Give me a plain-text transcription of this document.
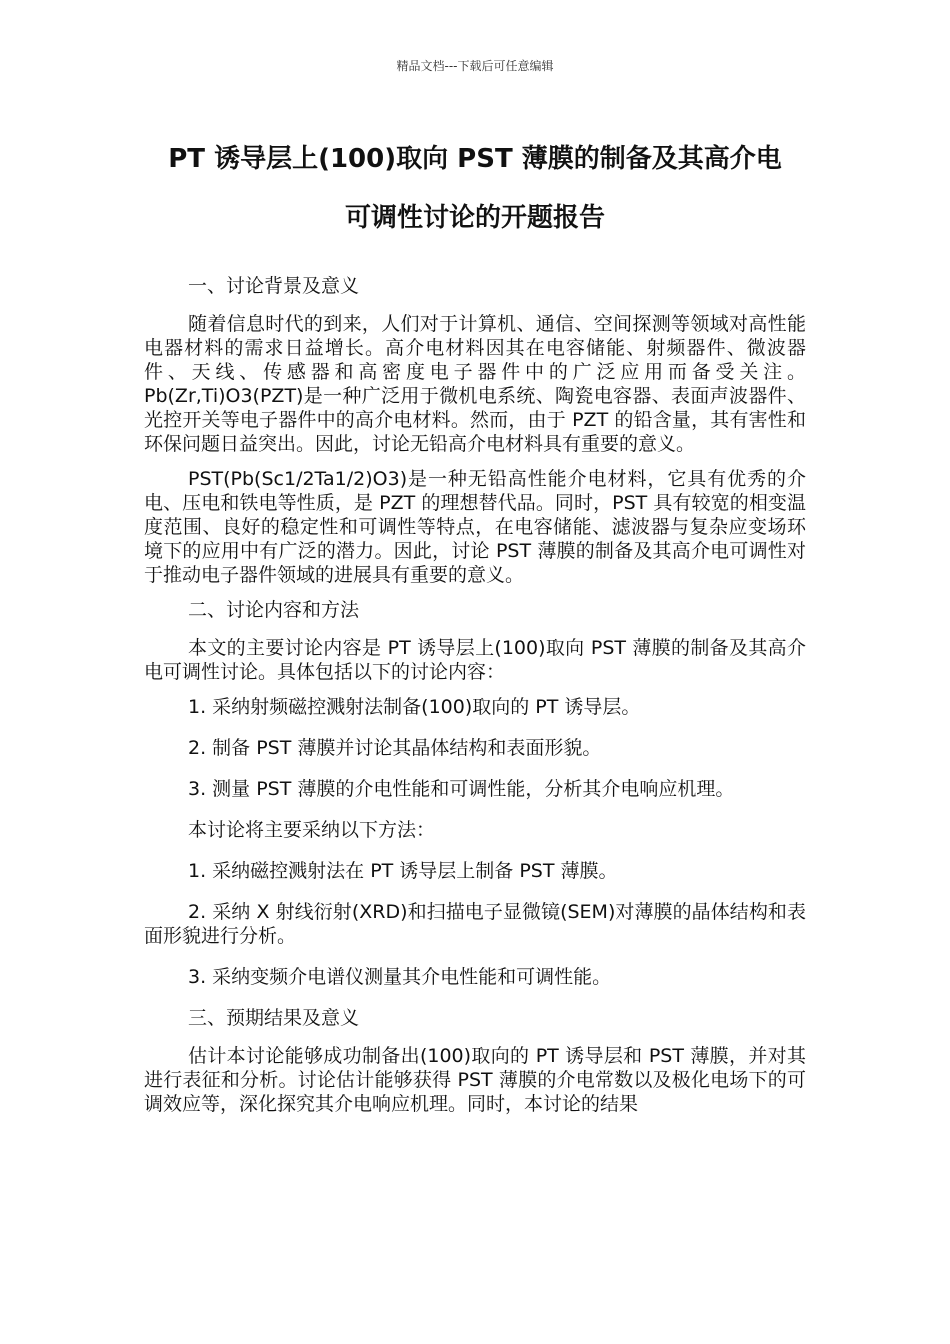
精品文档---下载后可任意编辑
PT 诱导层上(100)取向 PST 薄膜的制备及其高介电
可调性讨论的开题报告

一、讨论背景及意义

随着信息时代的到来，人们对于计算机、通信、空间探测等领域对高性能电器材料的需求日益增长。高介电材料因其在电容储能、射频器件、微波器件、天线、传感器和高密度电子器件中的广泛应用而备受关注。Pb(Zr,Ti)O3(PZT)是一种广泛用于微机电系统、陶瓷电容器、表面声波器件、光控开关等电子器件中的高介电材料。然而，由于 PZT 的铅含量，其有害性和环保问题日益突出。因此，讨论无铅高介电材料具有重要的意义。

PST(Pb(Sc1/2Ta1/2)O3)是一种无铅高性能介电材料，它具有优秀的介电、压电和铁电等性质，是 PZT 的理想替代品。同时，PST 具有较宽的相变温度范围、良好的稳定性和可调性等特点，在电容储能、滤波器与复杂应变场环境下的应用中有广泛的潜力。因此，讨论 PST 薄膜的制备及其高介电可调性对于推动电子器件领域的进展具有重要的意义。

二、讨论内容和方法

本文的主要讨论内容是 PT 诱导层上(100)取向 PST 薄膜的制备及其高介电可调性讨论。具体包括以下的讨论内容：

1. 采纳射频磁控溅射法制备(100)取向的 PT 诱导层。

2. 制备 PST 薄膜并讨论其晶体结构和表面形貌。

3. 测量 PST 薄膜的介电性能和可调性能，分析其介电响应机理。

本讨论将主要采纳以下方法：

1. 采纳磁控溅射法在 PT 诱导层上制备 PST 薄膜。

2. 采纳 X 射线衍射(XRD)和扫描电子显微镜(SEM)对薄膜的晶体结构和表面形貌进行分析。

3. 采纳变频介电谱仪测量其介电性能和可调性能。

三、预期结果及意义

估计本讨论能够成功制备出(100)取向的 PT 诱导层和 PST 薄膜，并对其进行表征和分析。讨论估计能够获得 PST 薄膜的介电常数以及极化电场下的可调效应等，深化探究其介电响应机理。同时，本讨论的结果
